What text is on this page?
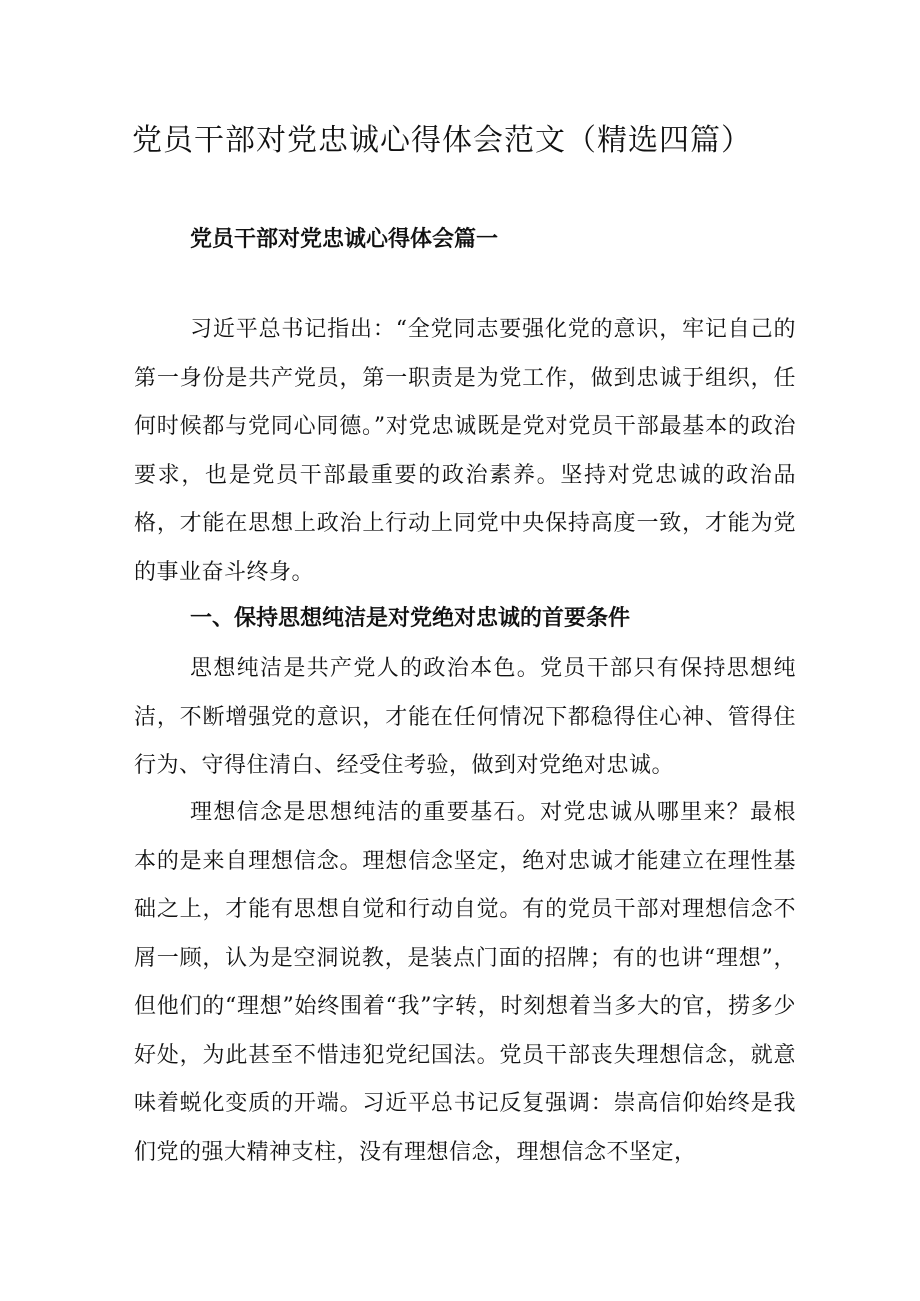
党员干部对党忠诚心得体会范文（精选四篇）
党员干部对党忠诚心得体会篇一

习近平总书记指出：“全党同志要强化党的意识，牢记自己的第一身份是共产党员，第一职责是为党工作，做到忠诚于组织，任何时候都与党同心同德。”对党忠诚既是党对党员干部最基本的政治要求，也是党员干部最重要的政治素养。坚持对党忠诚的政治品格，才能在思想上政治上行动上同党中央保持高度一致，才能为党的事业奋斗终身。

一、保持思想纯洁是对党绝对忠诚的首要条件

思想纯洁是共产党人的政治本色。党员干部只有保持思想纯洁，不断增强党的意识，才能在任何情况下都稳得住心神、管得住行为、守得住清白、经受住考验，做到对党绝对忠诚。

理想信念是思想纯洁的重要基石。对党忠诚从哪里来？最根本的是来自理想信念。理想信念坚定，绝对忠诚才能建立在理性基础之上，才能有思想自觉和行动自觉。有的党员干部对理想信念不屑一顾，认为是空洞说教，是装点门面的招牌；有的也讲“理想”，但他们的“理想”始终围着“我”字转，时刻想着当多大的官，捞多少好处，为此甚至不惜违犯党纪国法。党员干部丧失理想信念，就意味着蜕化变质的开端。习近平总书记反复强调：崇高信仰始终是我们党的强大精神支柱，没有理想信念，理想信念不坚定，
